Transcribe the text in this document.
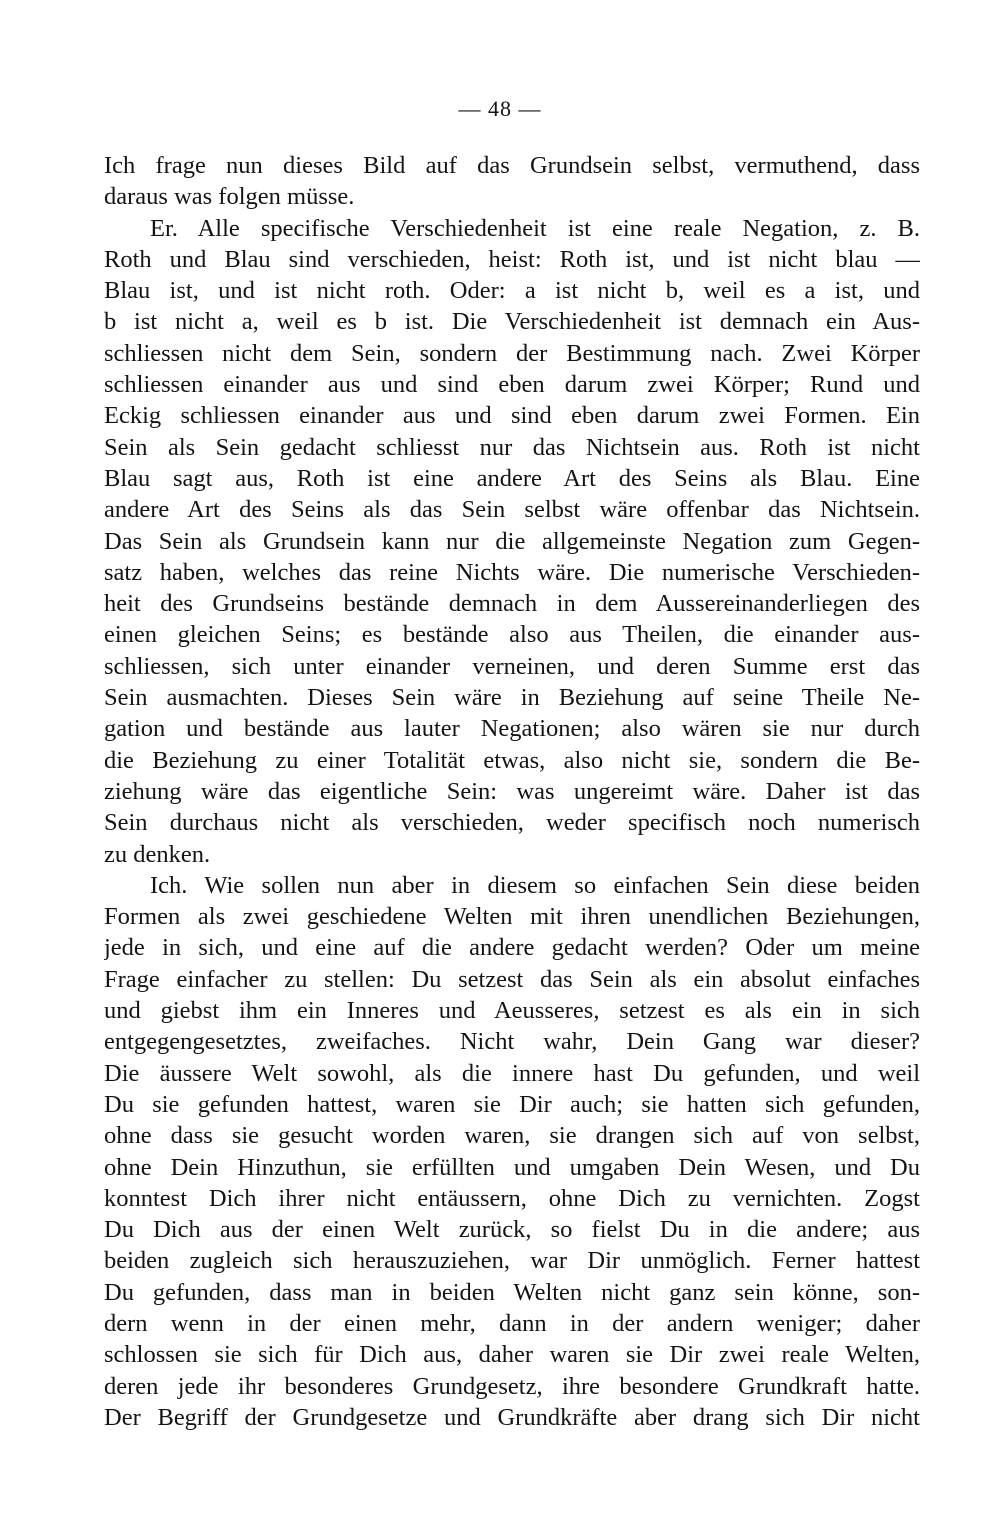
— 48 —
Ich frage nun dieses Bild auf das Grundsein selbst, vermuthend, dass
daraus was folgen müsse.
Er. Alle specifische Verschiedenheit ist eine reale Negation, z. B.
Roth und Blau sind verschieden, heist: Roth ist, und ist nicht blau —
Blau ist, und ist nicht roth. Oder: a ist nicht b, weil es a ist, und
b ist nicht a, weil es b ist. Die Verschiedenheit ist demnach ein Aus-
schliessen nicht dem Sein, sondern der Bestimmung nach. Zwei Körper
schliessen einander aus und sind eben darum zwei Körper; Rund und
Eckig schliessen einander aus und sind eben darum zwei Formen. Ein
Sein als Sein gedacht schliesst nur das Nichtsein aus. Roth ist nicht
Blau sagt aus, Roth ist eine andere Art des Seins als Blau. Eine
andere Art des Seins als das Sein selbst wäre offenbar das Nichtsein.
Das Sein als Grundsein kann nur die allgemeinste Negation zum Gegen-
satz haben, welches das reine Nichts wäre. Die numerische Verschieden-
heit des Grundseins bestände demnach in dem Aussereinanderliegen des
einen gleichen Seins; es bestände also aus Theilen, die einander aus-
schliessen, sich unter einander verneinen, und deren Summe erst das
Sein ausmachten. Dieses Sein wäre in Beziehung auf seine Theile Ne-
gation und bestände aus lauter Negationen; also wären sie nur durch
die Beziehung zu einer Totalität etwas, also nicht sie, sondern die Be-
ziehung wäre das eigentliche Sein: was ungereimt wäre. Daher ist das
Sein durchaus nicht als verschieden, weder specifisch noch numerisch
zu denken.
Ich. Wie sollen nun aber in diesem so einfachen Sein diese beiden
Formen als zwei geschiedene Welten mit ihren unendlichen Beziehungen,
jede in sich, und eine auf die andere gedacht werden? Oder um meine
Frage einfacher zu stellen: Du setzest das Sein als ein absolut einfaches
und giebst ihm ein Inneres und Aeusseres, setzest es als ein in sich
entgegengesetztes, zweifaches. Nicht wahr, Dein Gang war dieser?
Die äussere Welt sowohl, als die innere hast Du gefunden, und weil
Du sie gefunden hattest, waren sie Dir auch; sie hatten sich gefunden,
ohne dass sie gesucht worden waren, sie drangen sich auf von selbst,
ohne Dein Hinzuthun, sie erfüllten und umgaben Dein Wesen, und Du
konntest Dich ihrer nicht entäussern, ohne Dich zu vernichten. Zogst
Du Dich aus der einen Welt zurück, so fielst Du in die andere; aus
beiden zugleich sich herauszuziehen, war Dir unmöglich. Ferner hattest
Du gefunden, dass man in beiden Welten nicht ganz sein könne, son-
dern wenn in der einen mehr, dann in der andern weniger; daher
schlossen sie sich für Dich aus, daher waren sie Dir zwei reale Welten,
deren jede ihr besonderes Grundgesetz, ihre besondere Grundkraft hatte.
Der Begriff der Grundgesetze und Grundkräfte aber drang sich Dir nicht
